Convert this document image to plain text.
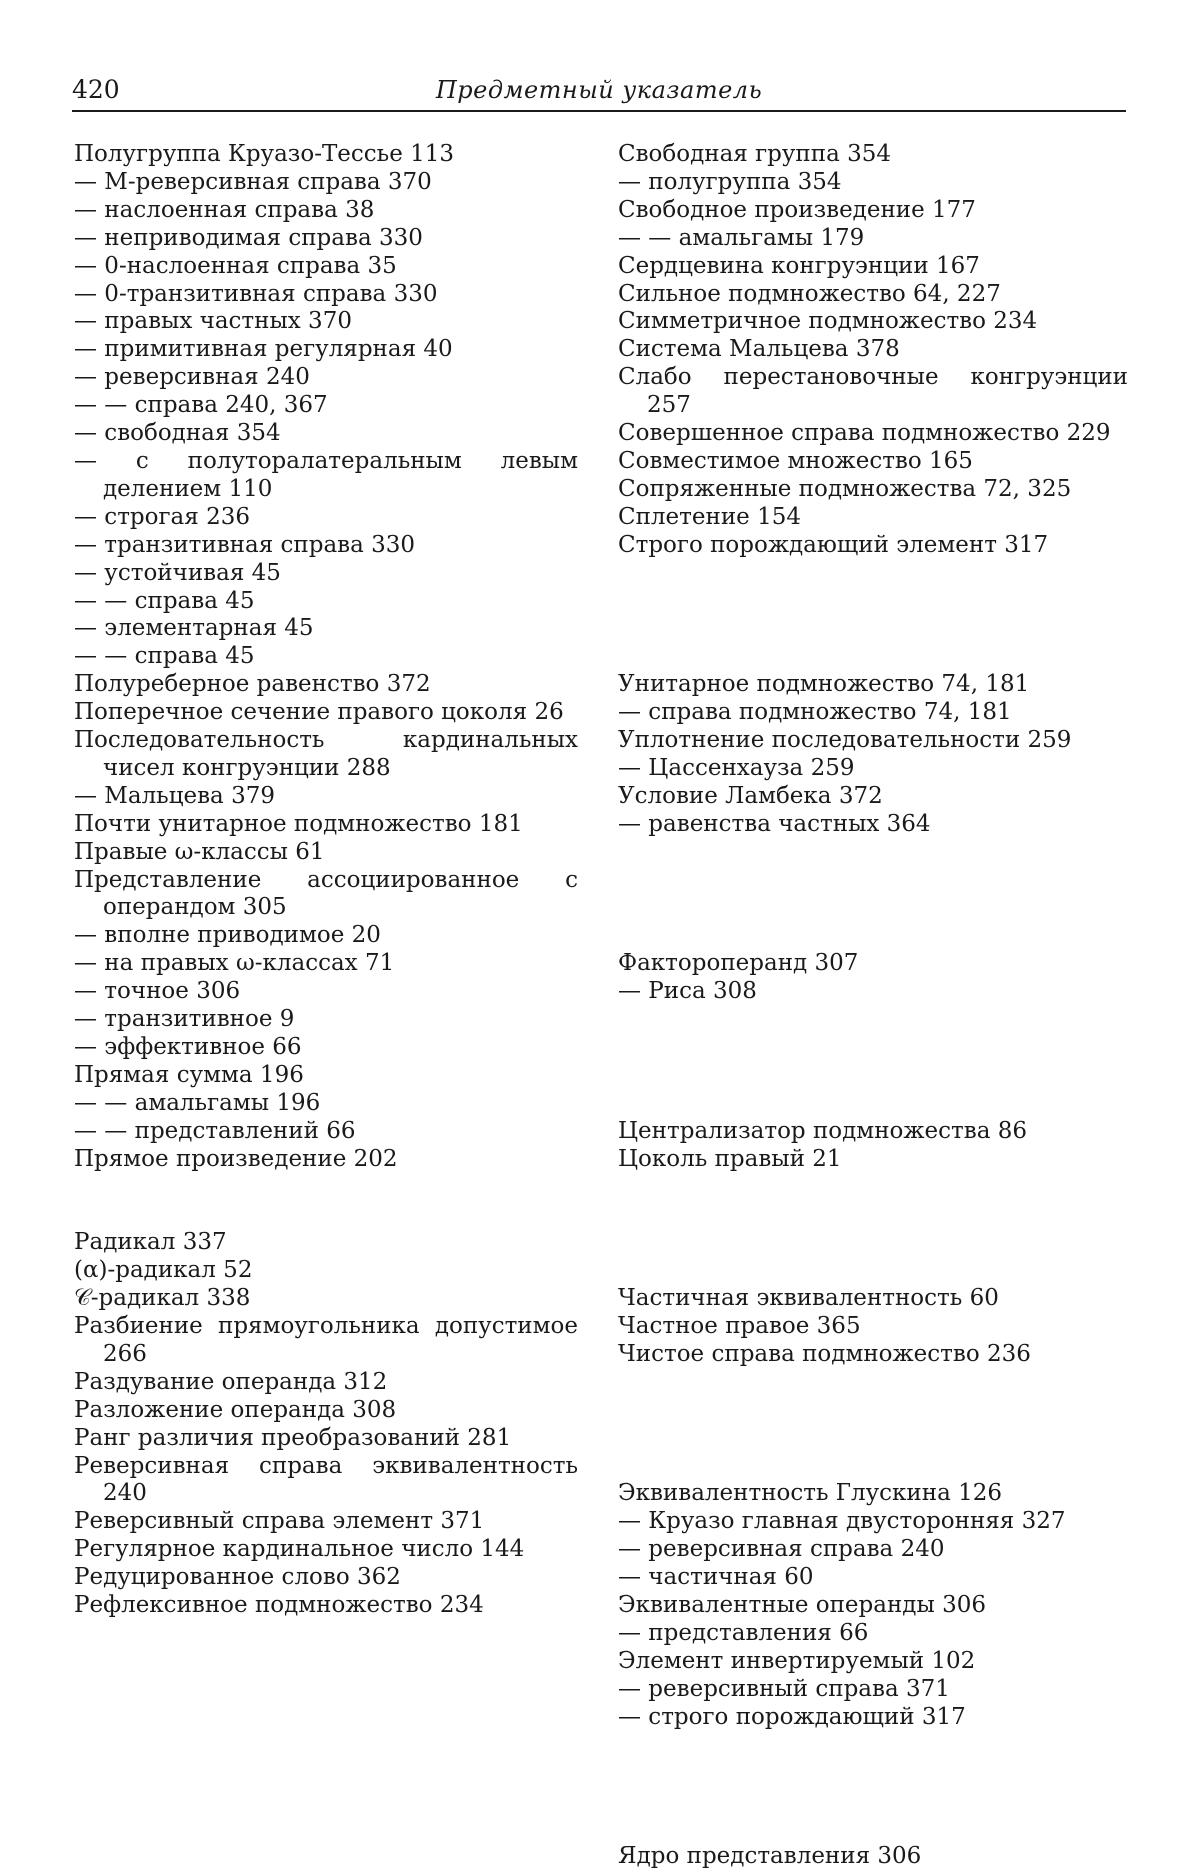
420	Предметный указатель
Полугруппа Круазо-Тессье 113
— M-реверсивная справа 370
— наслоенная справа 38
— неприводимая справа 330
— 0-наслоенная справа 35
— 0-транзитивная справа 330
— правых частных 370
— примитивная регулярная 40
— реверсивная 240
— — справа 240, 367
— свободная 354
— с полуторалатеральным левым делением 110
— строгая 236
— транзитивная справа 330
— устойчивая 45
— — справа 45
— элементарная 45
— — справа 45
Полуреберное равенство 372
Поперечное сечение правого цоколя 26
Последовательность кардинальных чисел конгруэнции 288
— Мальцева 379
Почти унитарное подмножество 181
Правые ω-классы 61
Представление ассоциированное с операндом 305
— вполне приводимое 20
— на правых ω-классах 71
— точное 306
— транзитивное 9
— эффективное 66
Прямая сумма 196
— — амальгамы 196
— — представлений 66
Прямое произведение 202
Радикал 337
(α)-радикал 52
𝒞-радикал 338
Разбиение прямоугольника допустимое 266
Раздувание операнда 312
Разложение операнда 308
Ранг различия преобразований 281
Реверсивная справа эквивалентность 240
Реверсивный справа элемент 371
Регулярное кардинальное число 144
Редуцированное слово 362
Рефлексивное подмножество 234
Свободная группа 354
— полугруппа 354
Свободное произведение 177
— — амальгамы 179
Сердцевина конгруэнции 167
Сильное подмножество 64, 227
Симметричное подмножество 234
Система Мальцева 378
Слабо перестановочные конгруэнции 257
Совершенное справа подмножество 229
Совместимое множество 165
Сопряженные подмножества 72, 325
Сплетение 154
Строго порождающий элемент 317
Унитарное подмножество 74, 181
— справа подмножество 74, 181
Уплотнение последовательности 259
— Цассенхауза 259
Условие Ламбека 372
— равенства частных 364
Фактороперанд 307
— Риса 308
Централизатор подмножества 86
Цоколь правый 21
Частичная эквивалентность 60
Частное правое 365
Чистое справа подмножество 236
Эквивалентность Глускина 126
— Круазо главная двусторонняя 327
— реверсивная справа 240
— частичная 60
Эквивалентные операнды 306
— представления 66
Элемент инвертируемый 102
— реверсивный справа 371
— строго порождающий 317
Ядро представления 306
